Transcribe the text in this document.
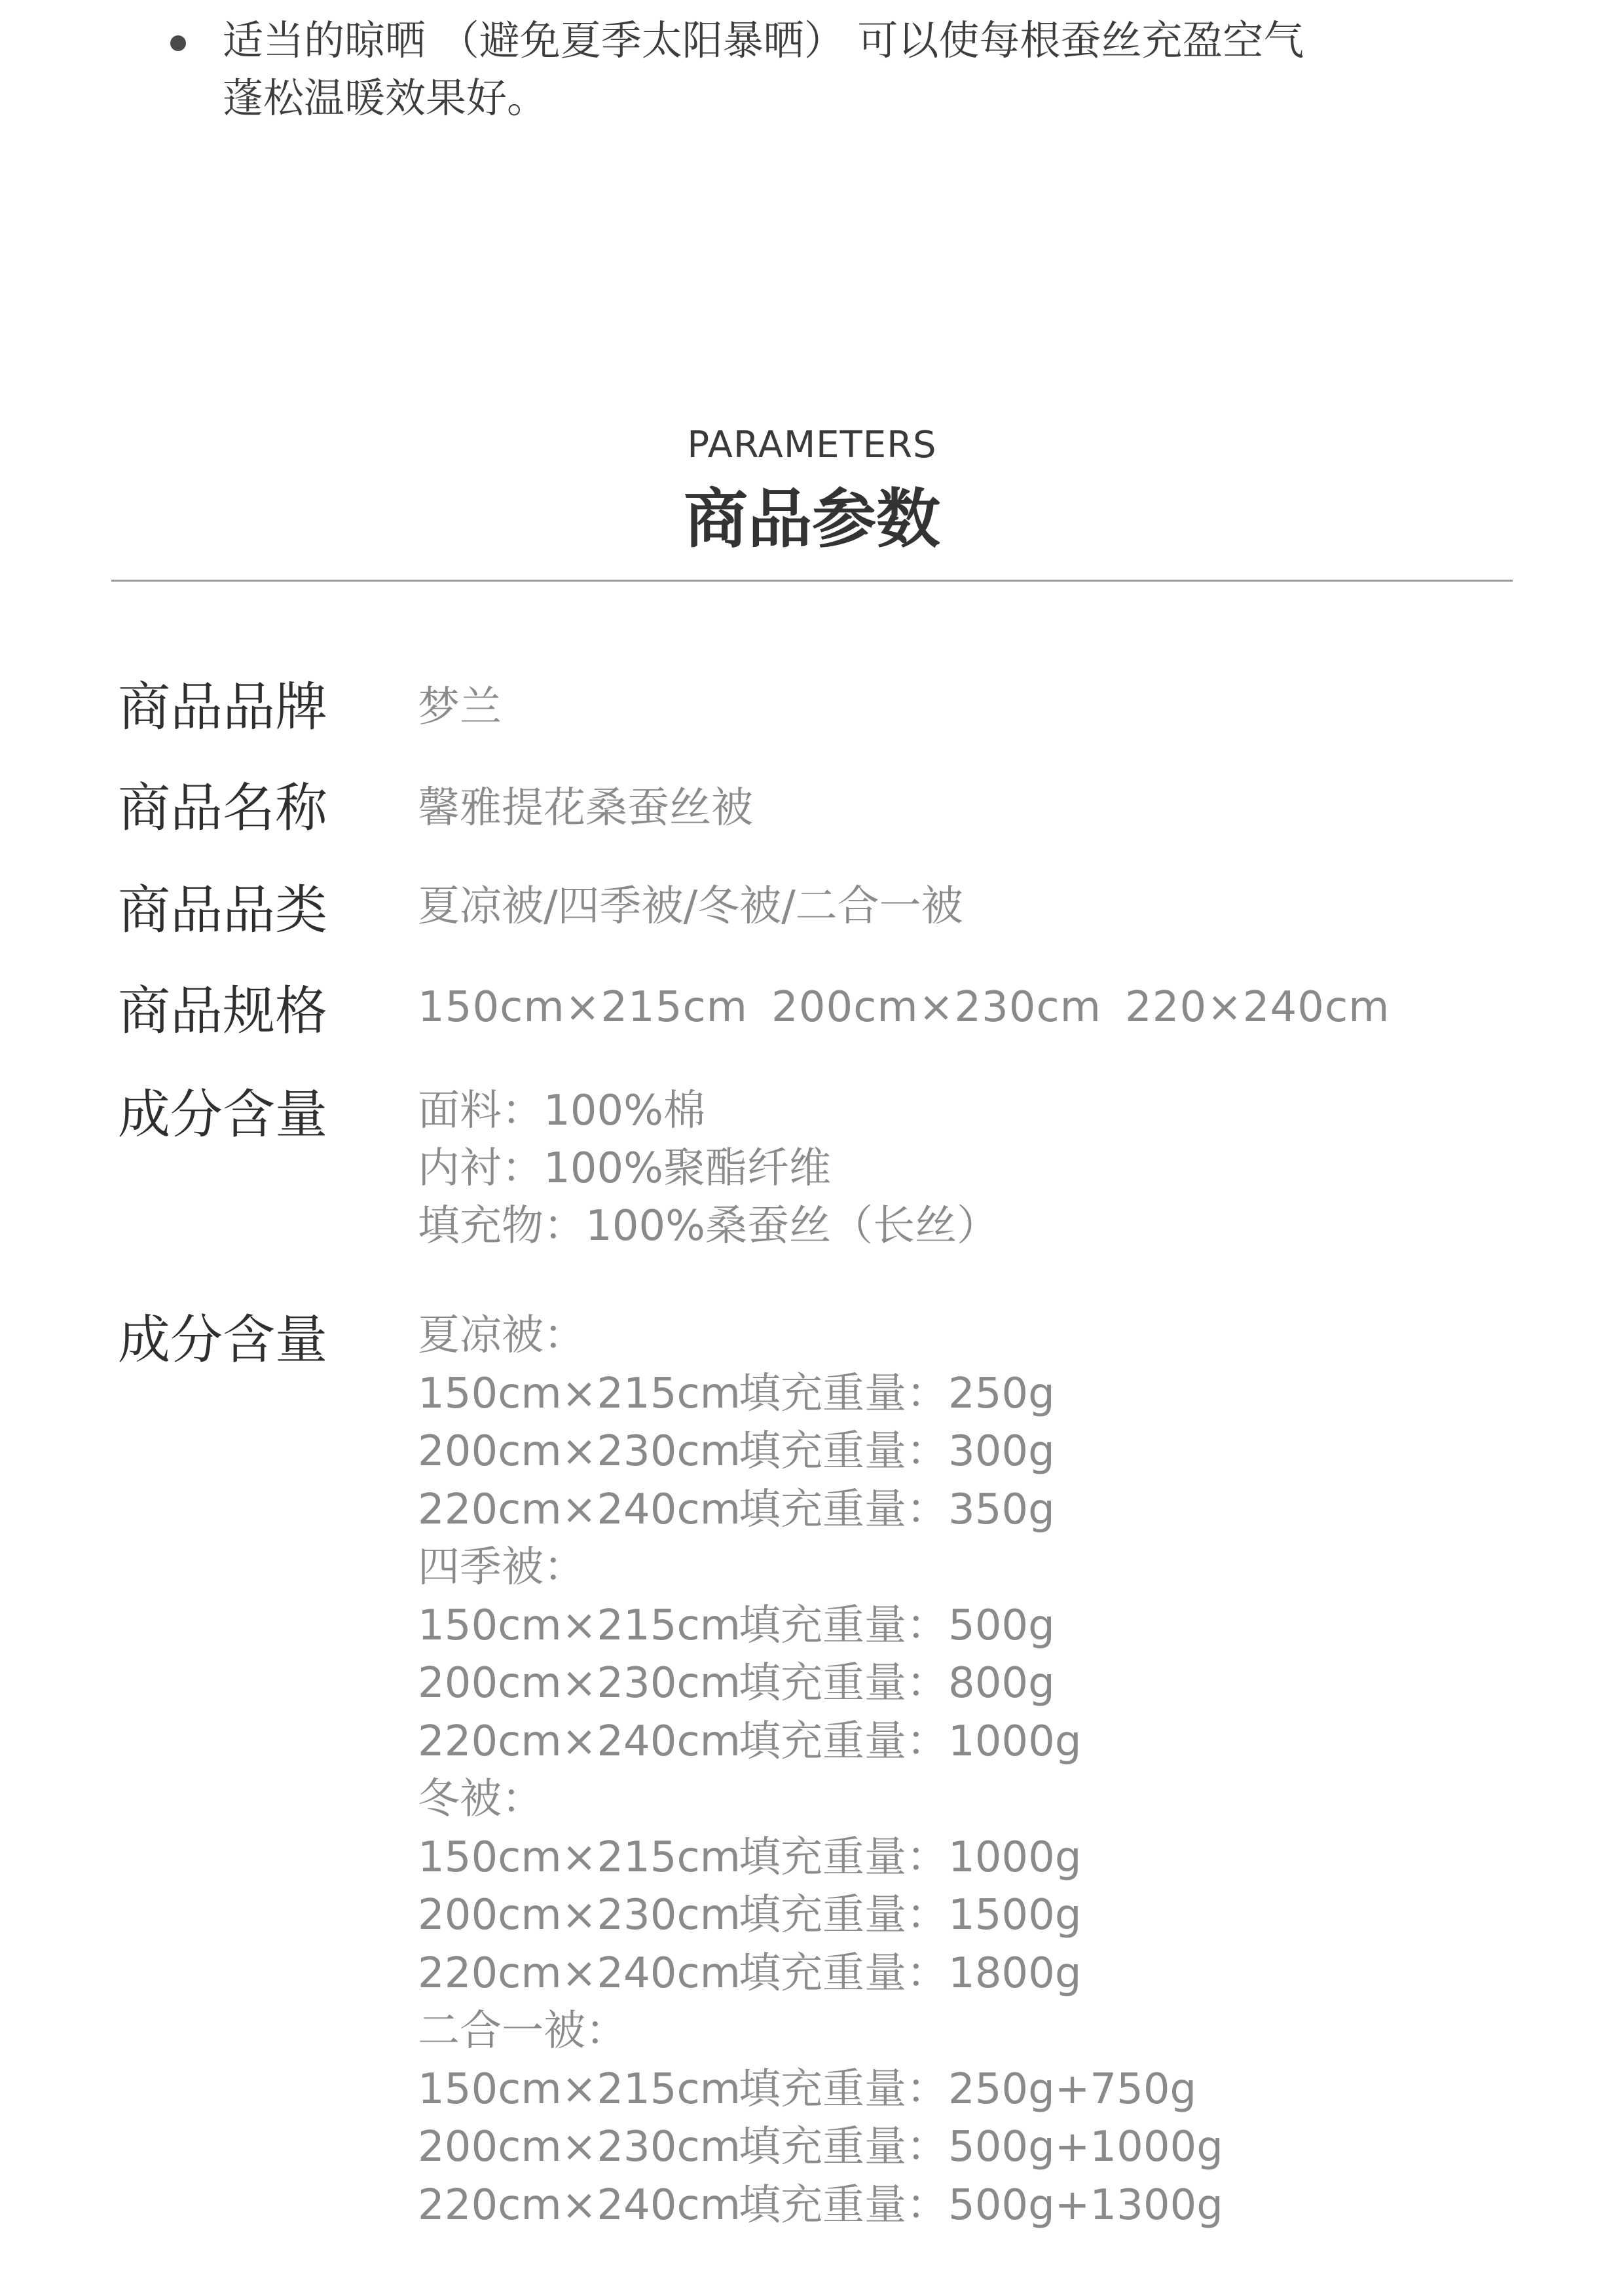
适当的晾晒 （避免夏季太阳暴晒） 可以使每根蚕丝充盈空气
蓬松温暖效果好。
PARAMETERS
商品参数
商品品牌 梦兰
商品名称 馨雅提花桑蚕丝被
商品品类 夏凉被/四季被/冬被/二合一被
商品规格 150cm×215cm 200cm×230cm 220×240cm
成分含量 面料：100%棉
内衬：100%聚酯纤维
填充物：100%桑蚕丝（长丝）
成分含量 夏凉被：
150cm×215cm填充重量：250g
200cm×230cm填充重量：300g
220cm×240cm填充重量：350g
四季被：
150cm×215cm填充重量：500g
200cm×230cm填充重量：800g
220cm×240cm填充重量：1000g
冬被：
150cm×215cm填充重量：1000g
200cm×230cm填充重量：1500g
220cm×240cm填充重量：1800g
二合一被：
150cm×215cm填充重量：250g+750g
200cm×230cm填充重量：500g+1000g
220cm×240cm填充重量：500g+1300g
